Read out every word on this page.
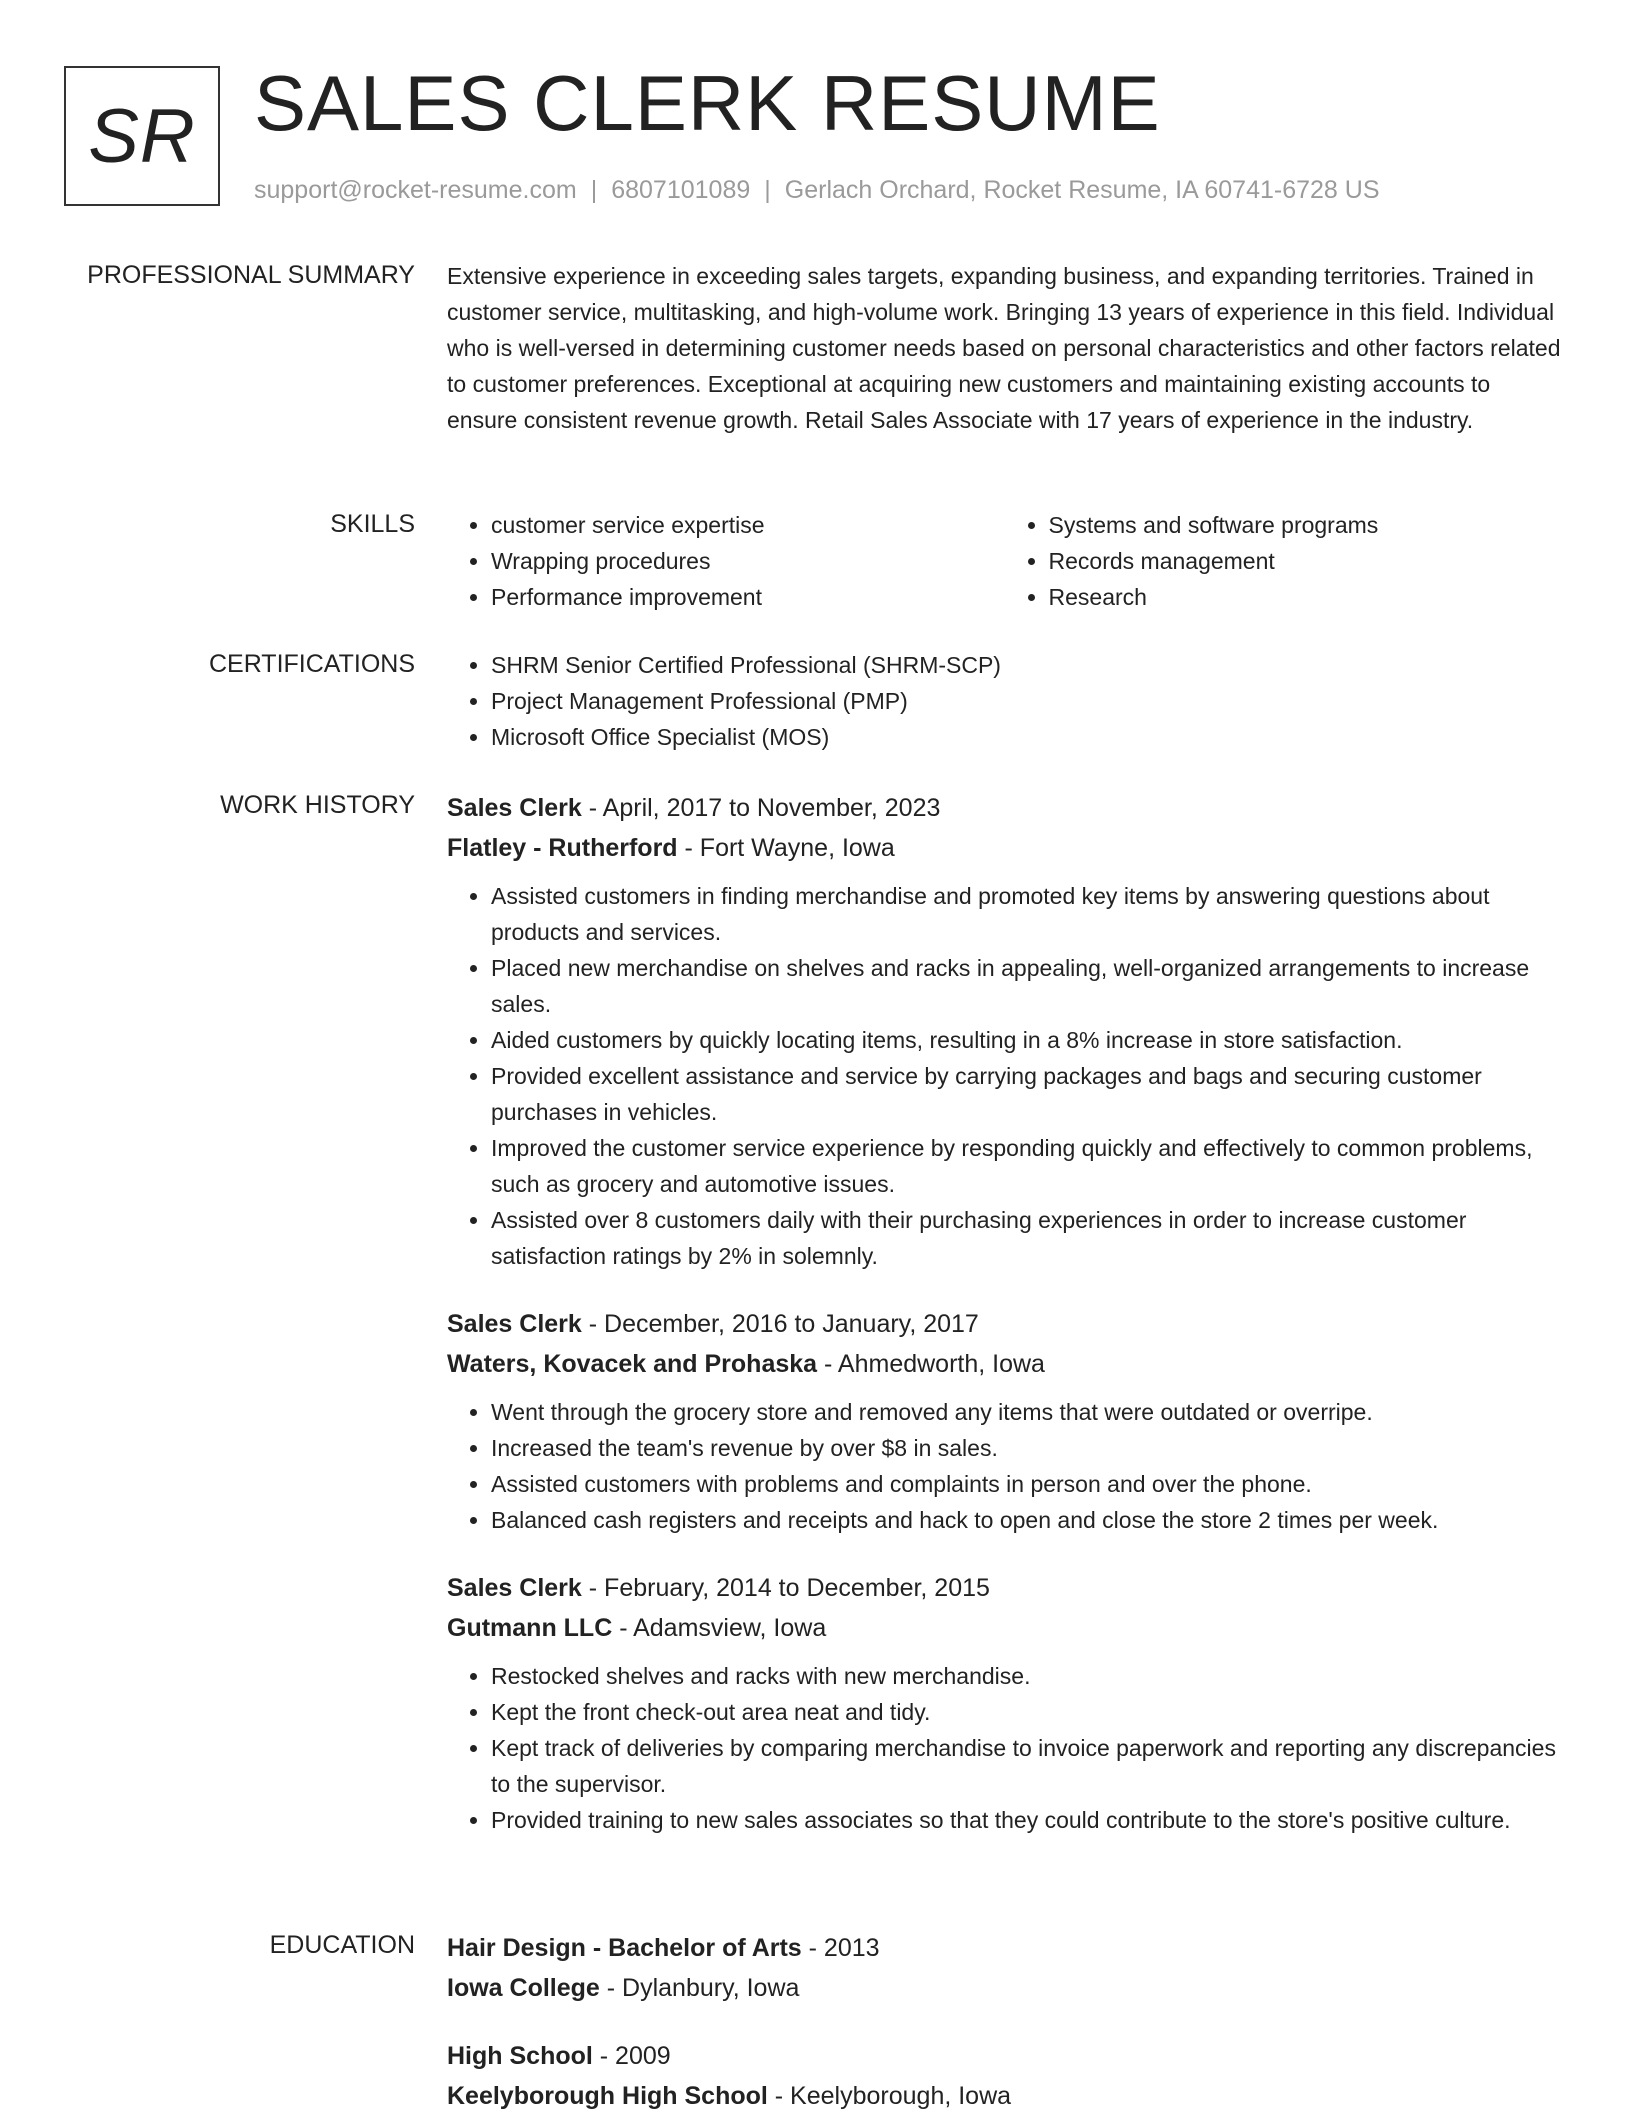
SR SALES CLERK RESUME
support@rocket-resume.com | 6807101089 | Gerlach Orchard, Rocket Resume, IA 60741-6728 US
PROFESSIONAL SUMMARY Extensive experience in exceeding sales targets, expanding business, and expanding territories. Trained in customer service, multitasking, and high-volume work. Bringing 13 years of experience in this field. Individual who is well-versed in determining customer needs based on personal characteristics and other factors related to customer preferences. Exceptional at acquiring new customers and maintaining existing accounts to ensure consistent revenue growth. Retail Sales Associate with 17 years of experience in the industry.

SKILLS	• customer service expertise
• Wrapping procedures
• Performance improvement
• Systems and software programs
• Records management
• Research
CERTIFICATIONS	• SHRM Senior Certified Professional (SHRM-SCP)
• Project Management Professional (PMP)
• Microsoft Office Specialist (MOS)
WORK HISTORY Sales Clerk - April, 2017 to November, 2023
Flatley - Rutherford - Fort Wayne, Iowa
• Assisted customers in finding merchandise and promoted key items by answering questions about products and services.
• Placed new merchandise on shelves and racks in appealing, well-organized arrangements to increase sales.
• Aided customers by quickly locating items, resulting in a 8% increase in store satisfaction.
• Provided excellent assistance and service by carrying packages and bags and securing customer purchases in vehicles.
• Improved the customer service experience by responding quickly and effectively to common problems, such as grocery and automotive issues.
• Assisted over 8 customers daily with their purchasing experiences in order to increase customer satisfaction ratings by 2% in solemnly.
Sales Clerk - December, 2016 to January, 2017
Waters, Kovacek and Prohaska - Ahmedworth, Iowa
• Went through the grocery store and removed any items that were outdated or overripe.
• Increased the team's revenue by over $8 in sales.
• Assisted customers with problems and complaints in person and over the phone.
• Balanced cash registers and receipts and hack to open and close the store 2 times per week.
Sales Clerk - February, 2014 to December, 2015
Gutmann LLC - Adamsview, Iowa
• Restocked shelves and racks with new merchandise.
• Kept the front check-out area neat and tidy.
• Kept track of deliveries by comparing merchandise to invoice paperwork and reporting any discrepancies to the supervisor.
• Provided training to new sales associates so that they could contribute to the store's positive culture.
EDUCATION Hair Design - Bachelor of Arts - 2013
Iowa College - Dylanbury, Iowa
High School - 2009
Keelyborough High School - Keelyborough, Iowa
